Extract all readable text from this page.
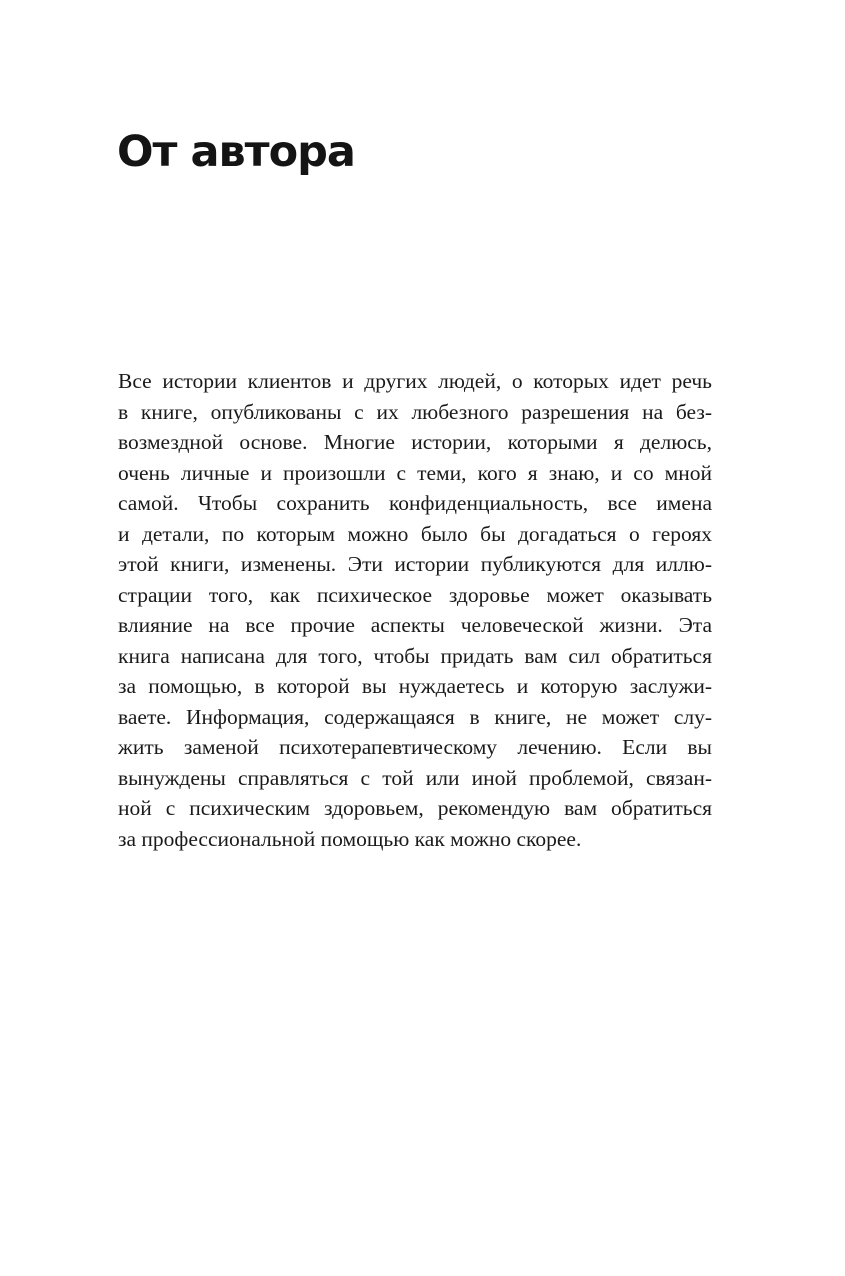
От автора
Все истории клиентов и других людей, о которых идет речь
в книге, опубликованы с их любезного разрешения на без-
возмездной основе. Многие истории, которыми я делюсь,
очень личные и произошли с теми, кого я знаю, и со мной
самой. Чтобы сохранить конфиденциальность, все имена
и детали, по которым можно было бы догадаться о героях
этой книги, изменены. Эти истории публикуются для иллю-
страции того, как психическое здоровье может оказывать
влияние на все прочие аспекты человеческой жизни. Эта
книга написана для того, чтобы придать вам сил обратиться
за помощью, в которой вы нуждаетесь и которую заслужи-
ваете. Информация, содержащаяся в книге, не может слу-
жить заменой психотерапевтическому лечению. Если вы
вынуждены справляться с той или иной проблемой, связан-
ной с психическим здоровьем, рекомендую вам обратиться
за профессиональной помощью как можно скорее.
